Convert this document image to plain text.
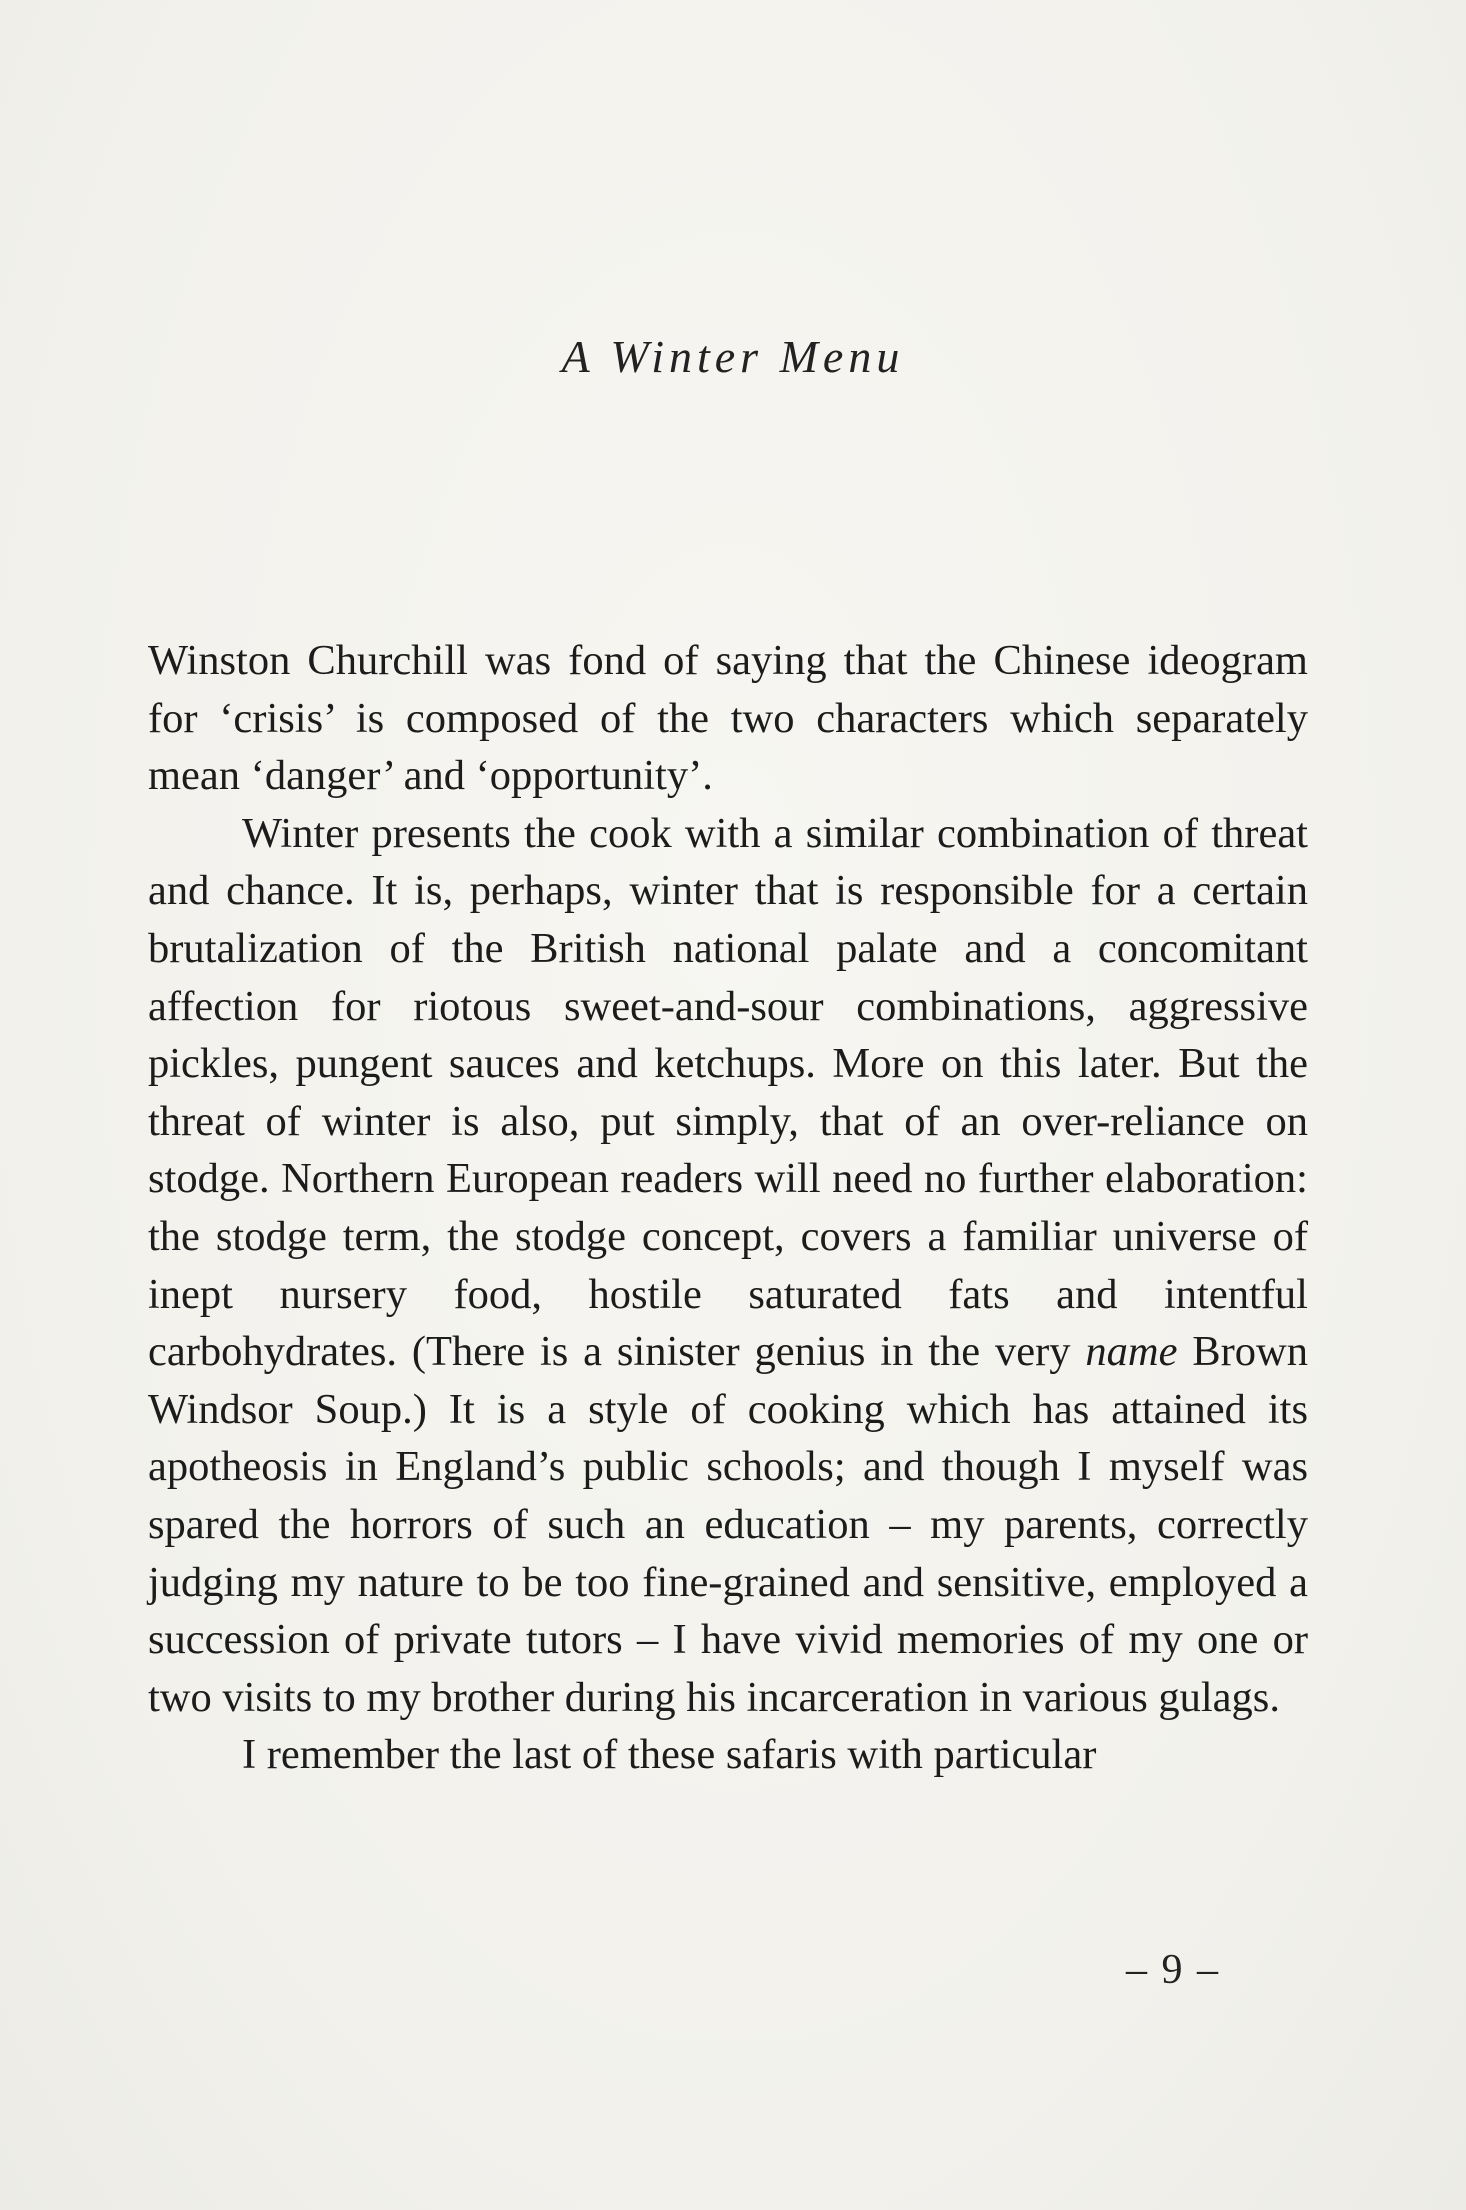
A Winter Menu

Winston Churchill was fond of saying that the Chinese ideogram for ‘crisis’ is composed of the two characters which separately mean ‘danger’ and ‘opportunity’.

Winter presents the cook with a similar combination of threat and chance. It is, perhaps, winter that is responsible for a certain brutalization of the British national palate and a concomitant affection for riotous sweet-and-sour combinations, aggressive pickles, pungent sauces and ketchups. More on this later. But the threat of winter is also, put simply, that of an over-reliance on stodge. Northern European readers will need no further elaboration: the stodge term, the stodge concept, covers a familiar universe of inept nursery food, hostile saturated fats and intentful carbohydrates. (There is a sinister genius in the very name Brown Windsor Soup.) It is a style of cooking which has attained its apotheosis in England’s public schools; and though I myself was spared the horrors of such an education – my parents, correctly judging my nature to be too fine-grained and sensitive, employed a succession of private tutors – I have vivid memories of my one or two visits to my brother during his incarceration in various gulags.

I remember the last of these safaris with particular

– 9 –
